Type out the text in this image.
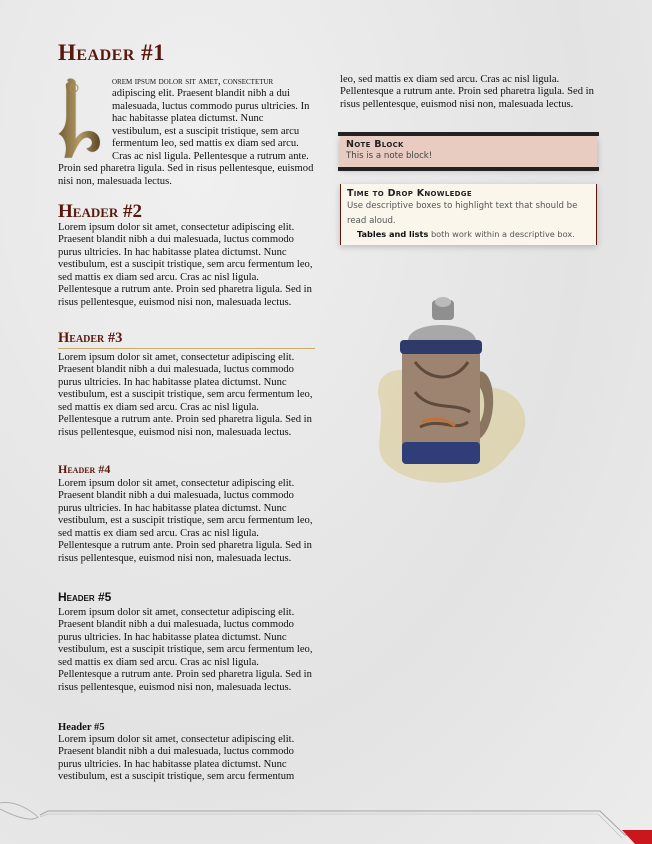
Header #1

orem ipsum dolor sit amet, consectetur adipiscing elit. Praesent blandit nibh a dui malesuada, luctus commodo purus ultricies. In hac habitasse platea dictumst. Nunc vestibulum, est a suscipit tristique, sem arcu fermentum leo, sed mattis ex diam sed arcu. Cras ac nisl ligula. Pellentesque a rutrum ante. Proin sed pharetra ligula. Sed in risus pellentesque, euismod nisi non, malesuada lectus.

Header #2

Lorem ipsum dolor sit amet, consectetur adipiscing elit. Praesent blandit nibh a dui malesuada, luctus commodo purus ultricies. In hac habitasse platea dictumst. Nunc vestibulum, est a suscipit tristique, sem arcu fermentum leo, sed mattis ex diam sed arcu. Cras ac nisl ligula. Pellentesque a rutrum ante. Proin sed pharetra ligula. Sed in risus pellentesque, euismod nisi non, malesuada lectus.

Header #3

Lorem ipsum dolor sit amet, consectetur adipiscing elit. Praesent blandit nibh a dui malesuada, luctus commodo purus ultricies. In hac habitasse platea dictumst. Nunc vestibulum, est a suscipit tristique, sem arcu fermentum leo, sed mattis ex diam sed arcu. Cras ac nisl ligula. Pellentesque a rutrum ante. Proin sed pharetra ligula. Sed in risus pellentesque, euismod nisi non, malesuada lectus.

Header #4

Lorem ipsum dolor sit amet, consectetur adipiscing elit. Praesent blandit nibh a dui malesuada, luctus commodo purus ultricies. In hac habitasse platea dictumst. Nunc vestibulum, est a suscipit tristique, sem arcu fermentum leo, sed mattis ex diam sed arcu. Cras ac nisl ligula. Pellentesque a rutrum ante. Proin sed pharetra ligula. Sed in risus pellentesque, euismod nisi non, malesuada lectus.

Header #5

Lorem ipsum dolor sit amet, consectetur adipiscing elit. Praesent blandit nibh a dui malesuada, luctus commodo purus ultricies. In hac habitasse platea dictumst. Nunc vestibulum, est a suscipit tristique, sem arcu fermentum leo, sed mattis ex diam sed arcu. Cras ac nisl ligula. Pellentesque a rutrum ante. Proin sed pharetra ligula. Sed in risus pellentesque, euismod nisi non, malesuada lectus.

Header #5

Lorem ipsum dolor sit amet, consectetur adipiscing elit. Praesent blandit nibh a dui malesuada, luctus commodo purus ultricies. In hac habitasse platea dictumst. Nunc vestibulum, est a suscipit tristique, sem arcu fermentum

leo, sed mattis ex diam sed arcu. Cras ac nisl ligula. Pellentesque a rutrum ante. Proin sed pharetra ligula. Sed in risus pellentesque, euismod nisi non, malesuada lectus.

Note Block
This is a note block!
Time to Drop Knowledge
Use descriptive boxes to highlight text that should be read aloud.
Tables and lists both work within a descriptive box.
